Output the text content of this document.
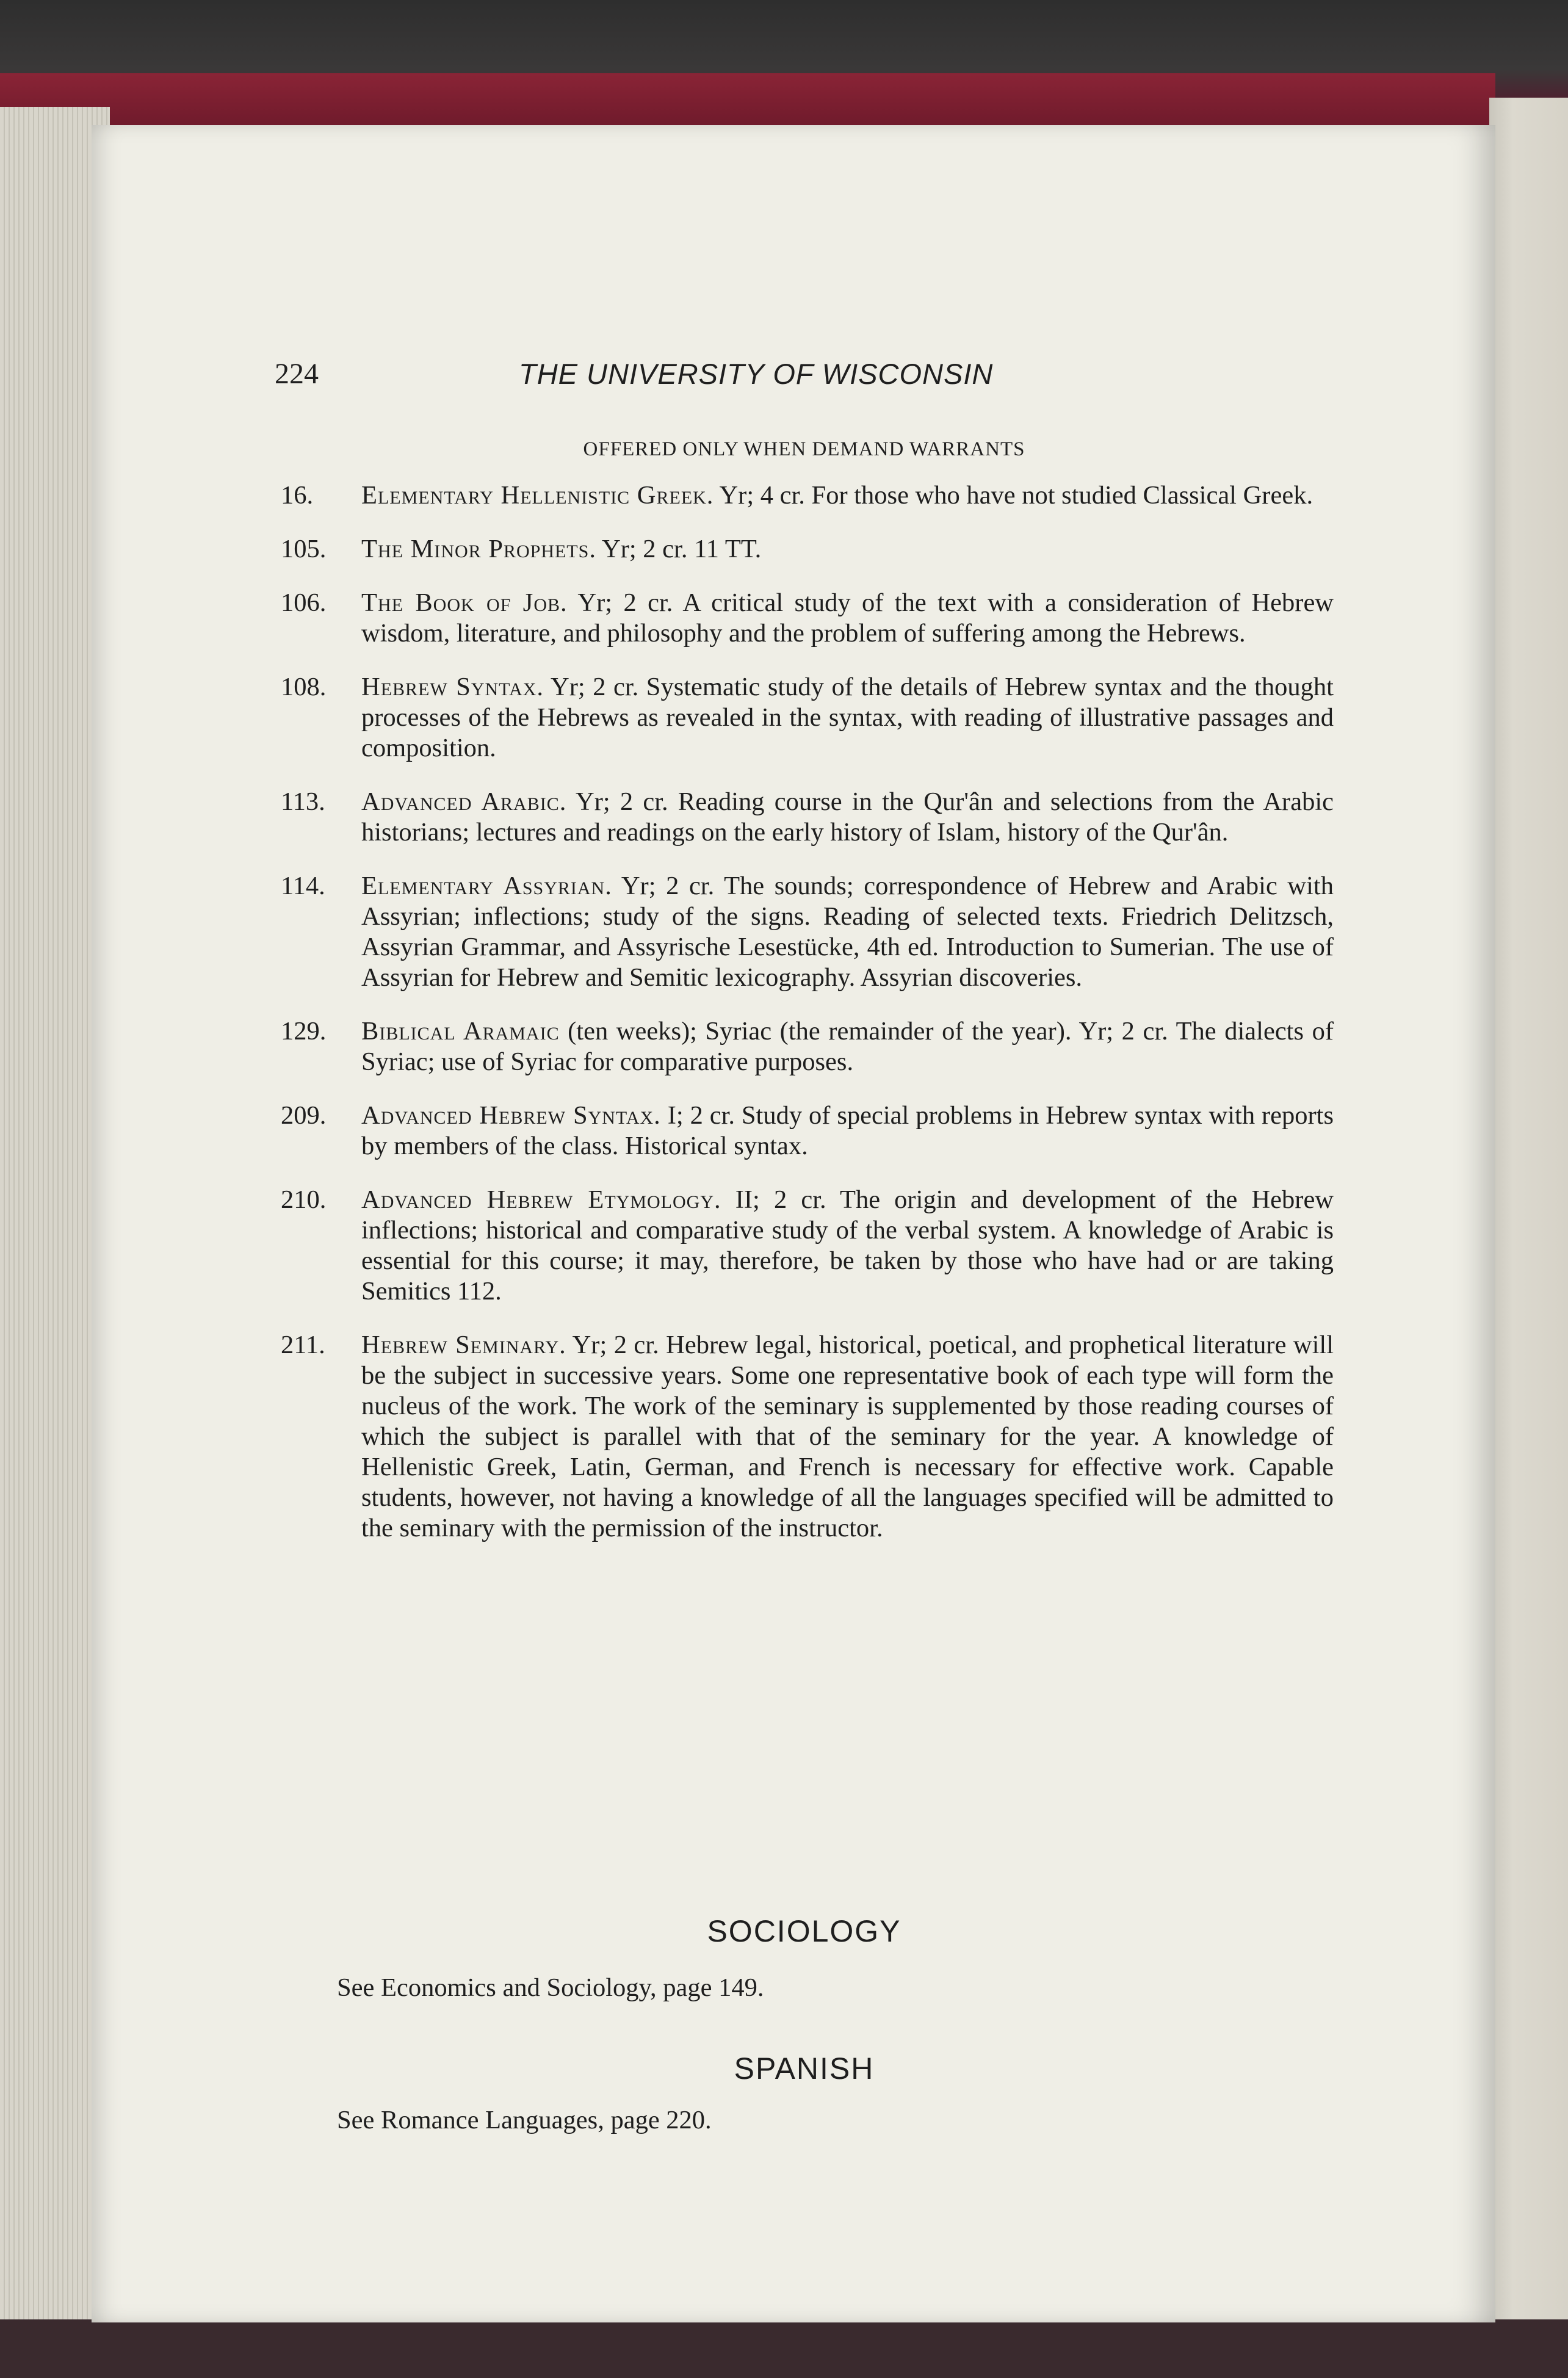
224	THE UNIVERSITY OF WISCONSIN
OFFERED ONLY WHEN DEMAND WARRANTS
16. Elementary Hellenistic Greek. Yr; 4 cr. For those who have not studied Classical Greek.
105. The Minor Prophets. Yr; 2 cr. 11 TT.
106. The Book of Job. Yr; 2 cr. A critical study of the text with a consideration of Hebrew wisdom, literature, and philosophy and the problem of suffering among the Hebrews.
108. Hebrew Syntax. Yr; 2 cr. Systematic study of the details of Hebrew syntax and the thought processes of the Hebrews as revealed in the syntax, with reading of illustrative passages and composition.
113. Advanced Arabic. Yr; 2 cr. Reading course in the Qur'ân and selections from the Arabic historians; lectures and readings on the early history of Islam, history of the Qur'ân.
114. Elementary Assyrian. Yr; 2 cr. The sounds; correspondence of Hebrew and Arabic with Assyrian; inflections; study of the signs. Reading of selected texts. Friedrich Delitzsch, Assyrian Grammar, and Assyrische Lesestücke, 4th ed. Introduction to Sumerian. The use of Assyrian for Hebrew and Semitic lexicography. Assyrian discoveries.
129. Biblical Aramaic (ten weeks); Syriac (the remainder of the year). Yr; 2 cr. The dialects of Syriac; use of Syriac for comparative purposes.
209. Advanced Hebrew Syntax. I; 2 cr. Study of special problems in Hebrew syntax with reports by members of the class. Historical syntax.
210. Advanced Hebrew Etymology. II; 2 cr. The origin and development of the Hebrew inflections; historical and comparative study of the verbal system. A knowledge of Arabic is essential for this course; it may, therefore, be taken by those who have had or are taking Semitics 112.
211. Hebrew Seminary. Yr; 2 cr. Hebrew legal, historical, poetical, and prophetical literature will be the subject in successive years. Some one representative book of each type will form the nucleus of the work. The work of the seminary is supplemented by those reading courses of which the subject is parallel with that of the seminary for the year. A knowledge of Hellenistic Greek, Latin, German, and French is necessary for effective work. Capable students, however, not having a knowledge of all the languages specified will be admitted to the seminary with the permission of the instructor.
SOCIOLOGY
See Economics and Sociology, page 149.
SPANISH
See Romance Languages, page 220.
